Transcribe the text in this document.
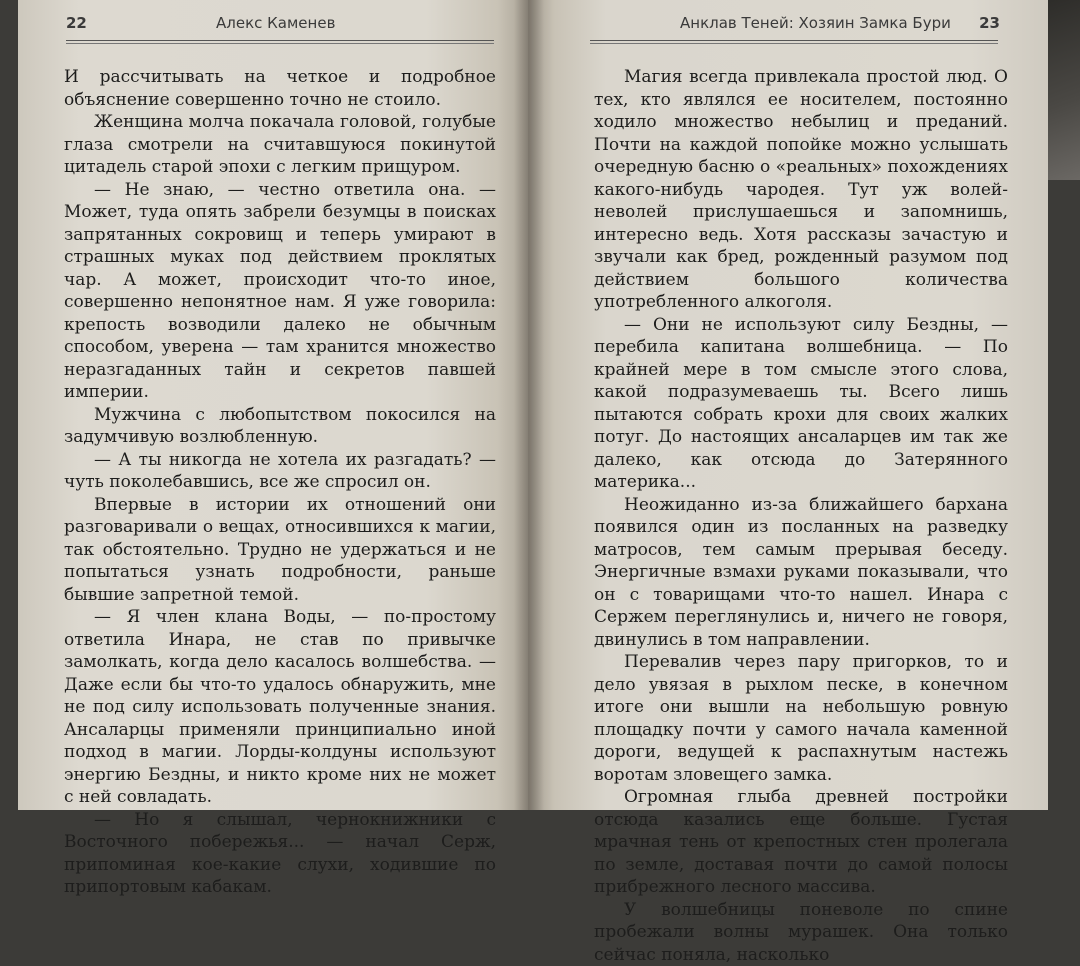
22	Алекс Каменев

И рассчитывать на четкое и подробное объяснение совершенно точно не стоило.

Женщина молча покачала головой, голубые глаза смотрели на считавшуюся покинутой цитадель старой эпохи с легким прищуром.

— Не знаю, — честно ответила она. — Может, туда опять забрели безумцы в поисках запрятанных сокровищ и теперь умирают в страшных муках под действием проклятых чар. А может, происходит что-то иное, совершенно непонятное нам. Я уже говорила: крепость возводили далеко не обычным способом, уверена — там хранится множество неразгаданных тайн и секретов павшей империи.

Мужчина с любопытством покосился на задумчивую возлюбленную.

— А ты никогда не хотела их разгадать? — чуть поколебавшись, все же спросил он.

Впервые в истории их отношений они разговаривали о вещах, относившихся к магии, так обстоятельно. Трудно не удержаться и не попытаться узнать подробности, раньше бывшие запретной темой.

— Я член клана Воды, — по-простому ответила Инара, не став по привычке замолкать, когда дело касалось волшебства. — Даже если бы что-то удалось обнаружить, мне не под силу использовать полученные знания. Ансаларцы применяли принципиально иной подход в магии. Лорды-колдуны используют энергию Бездны, и никто кроме них не может с ней совладать.

— Но я слышал, чернокнижники с Восточного побережья... — начал Серж, припоминая кое-какие слухи, ходившие по припортовым кабакам.

Анклав Теней: Хозяин Замка Бури 23

Магия всегда привлекала простой люд. О тех, кто являлся ее носителем, постоянно ходило множество небылиц и преданий. Почти на каждой попойке можно услышать очередную басню о «реальных» похождениях какого-нибудь чародея. Тут уж волей-неволей прислушаешься и запомнишь, интересно ведь. Хотя рассказы зачастую и звучали как бред, рожденный разумом под действием большого количества употребленного алкоголя.

— Они не используют силу Бездны, — перебила капитана волшебница. — По крайней мере в том смысле этого слова, какой подразумеваешь ты. Всего лишь пытаются собрать крохи для своих жалких потуг. До настоящих ансаларцев им так же далеко, как отсюда до Затерянного материка...

Неожиданно из-за ближайшего бархана появился один из посланных на разведку матросов, тем самым прерывая беседу. Энергичные взмахи руками показывали, что он с товарищами что-то нашел. Инара с Сержем переглянулись и, ничего не говоря, двинулись в том направлении.

Перевалив через пару пригорков, то и дело увязая в рыхлом песке, в конечном итоге они вышли на небольшую ровную площадку почти у самого начала каменной дороги, ведущей к распахнутым настежь воротам зловещего замка.

Огромная глыба древней постройки отсюда казались еще больше. Густая мрачная тень от крепостных стен пролегала по земле, доставая почти до самой полосы прибрежного лесного массива.

У волшебницы поневоле по спине пробежали волны мурашек. Она только сейчас поняла, насколько
